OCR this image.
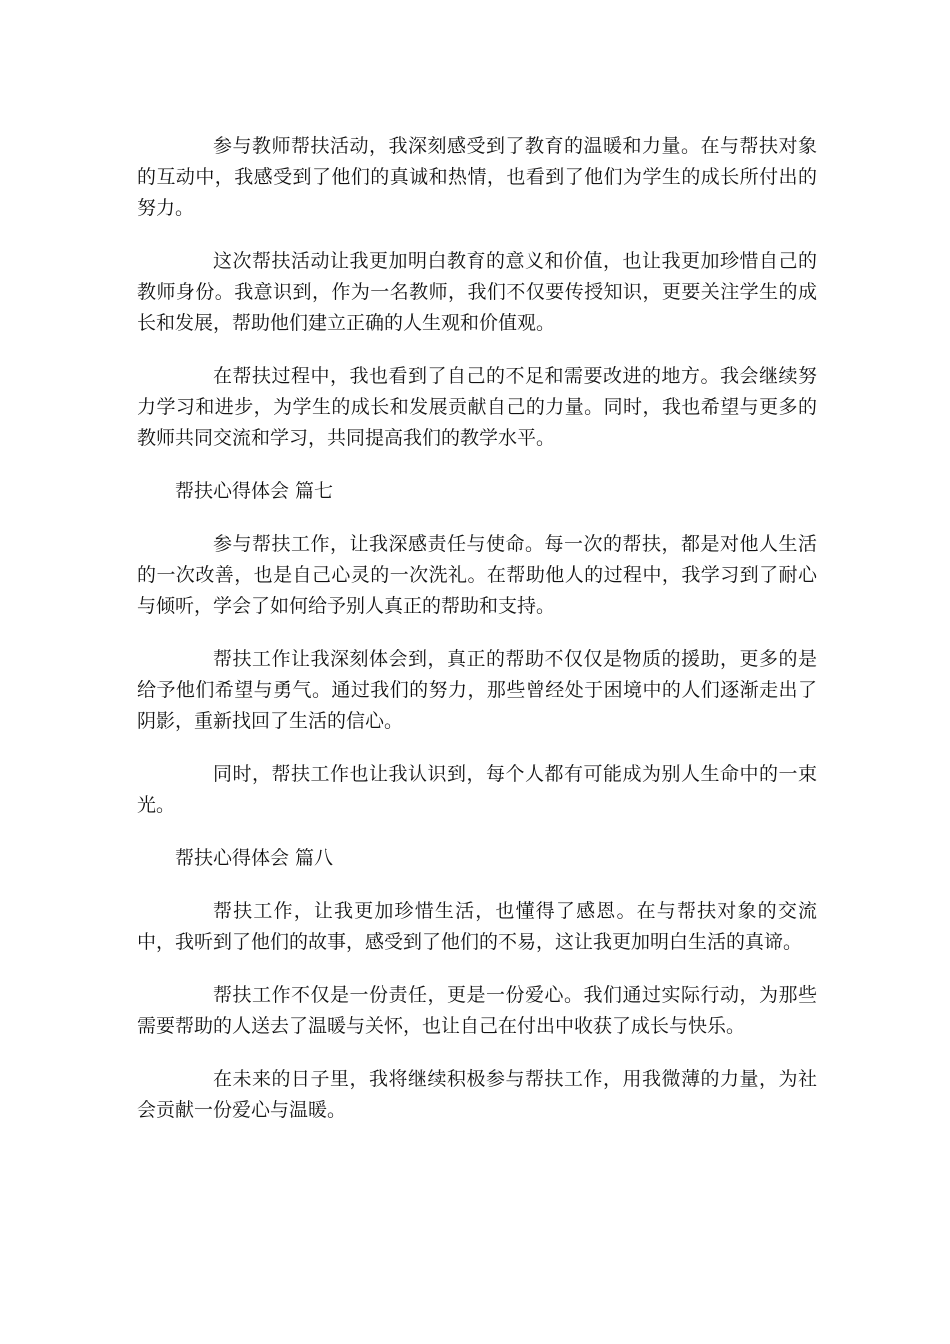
参与教师帮扶活动，我深刻感受到了教育的温暖和力量。在与帮扶对象的互动中，我感受到了他们的真诚和热情，也看到了他们为学生的成长所付出的努力。

这次帮扶活动让我更加明白教育的意义和价值，也让我更加珍惜自己的教师身份。我意识到，作为一名教师，我们不仅要传授知识，更要关注学生的成长和发展，帮助他们建立正确的人生观和价值观。

在帮扶过程中，我也看到了自己的不足和需要改进的地方。我会继续努力学习和进步，为学生的成长和发展贡献自己的力量。同时，我也希望与更多的教师共同交流和学习，共同提高我们的教学水平。

帮扶心得体会 篇七

参与帮扶工作，让我深感责任与使命。每一次的帮扶，都是对他人生活的一次改善，也是自己心灵的一次洗礼。在帮助他人的过程中，我学习到了耐心与倾听，学会了如何给予别人真正的帮助和支持。

帮扶工作让我深刻体会到，真正的帮助不仅仅是物质的援助，更多的是给予他们希望与勇气。通过我们的努力，那些曾经处于困境中的人们逐渐走出了阴影，重新找回了生活的信心。

同时，帮扶工作也让我认识到，每个人都有可能成为别人生命中的一束光。

帮扶心得体会 篇八

帮扶工作，让我更加珍惜生活，也懂得了感恩。在与帮扶对象的交流中，我听到了他们的故事，感受到了他们的不易，这让我更加明白生活的真谛。

帮扶工作不仅是一份责任，更是一份爱心。我们通过实际行动，为那些需要帮助的人送去了温暖与关怀，也让自己在付出中收获了成长与快乐。

在未来的日子里，我将继续积极参与帮扶工作，用我微薄的力量，为社会贡献一份爱心与温暖。
